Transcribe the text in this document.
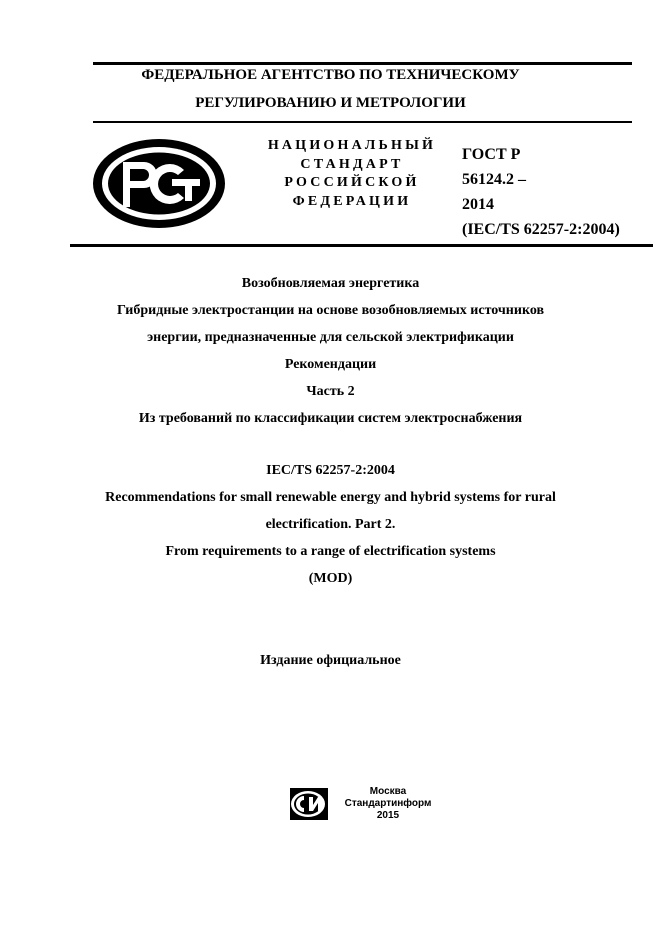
ФЕДЕРАЛЬНОЕ АГЕНТСТВО ПО ТЕХНИЧЕСКОМУ
РЕГУЛИРОВАНИЮ И МЕТРОЛОГИИ
НАЦИОНАЛЬНЫЙ
СТАНДАРТ
РОССИЙСКОЙ
ФЕДЕРАЦИИ
ГОСТ Р
56124.2 –
2014
(IEC/TS 62257-2:2004)
Возобновляемая энергетика
Гибридные электростанции на основе возобновляемых источников
энергии, предназначенные для сельской электрификации
Рекомендации
Часть 2
Из требований по классификации систем электроснабжения
IEC/TS 62257-2:2004
Recommendations for small renewable energy and hybrid systems for rural
electrification. Part 2.
From requirements to a range of electrification systems
(MOD)
Издание официальное
Москва
Стандартинформ
2015
